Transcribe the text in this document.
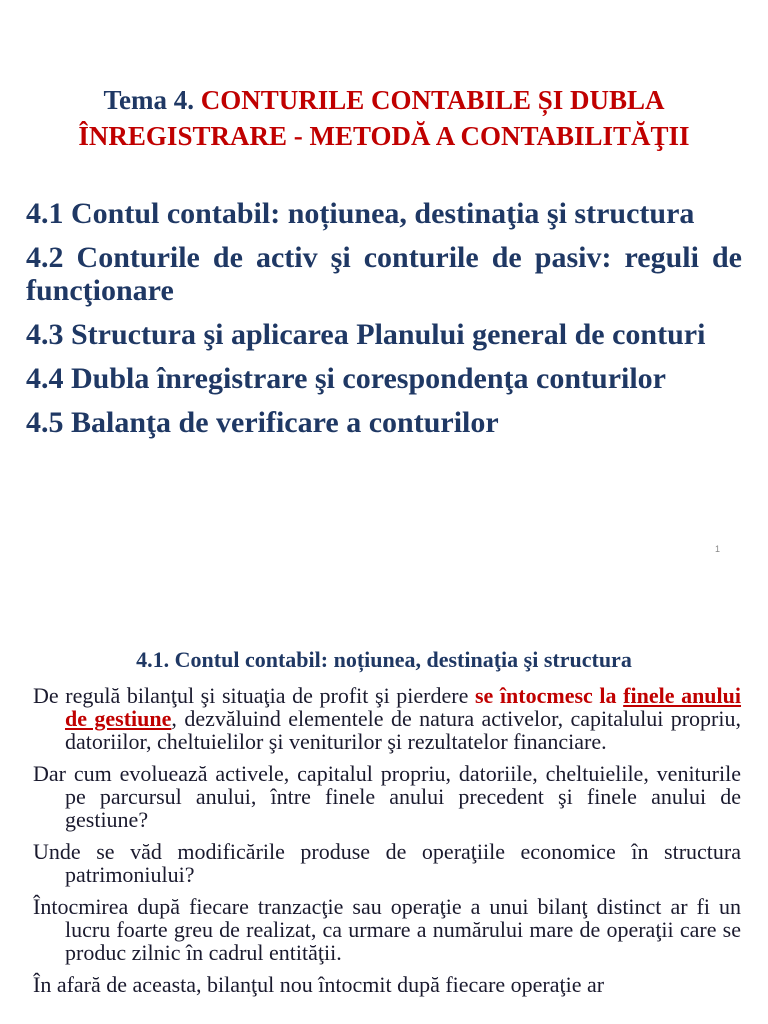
Tema 4. CONTURILE CONTABILE ȘI DUBLA ÎNREGISTRARE - METODĂ A CONTABILITĂŢII
4.1 Contul contabil: noțiunea, destinaţia şi structura
4.2 Conturile de activ şi conturile de pasiv: reguli de funcţionare
4.3 Structura şi aplicarea Planului general de conturi
4.4 Dubla înregistrare şi corespondenţa conturilor
4.5 Balanţa de verificare a conturilor
1
4.1. Contul contabil: noțiunea, destinaţia şi structura

De regulă bilanţul şi situaţia de profit şi pierdere se întocmesc la finele anului de gestiune, dezvăluind elementele de natura activelor, capitalului propriu, datoriilor, cheltuielilor şi veniturilor şi rezultatelor financiare.

Dar cum evoluează activele, capitalul propriu, datoriile, cheltuielile, veniturile pe parcursul anului, între finele anului precedent şi finele anului de gestiune?

Unde se văd modificările produse de operaţiile economice în structura patrimoniului?

Întocmirea după fiecare tranzacţie sau operaţie a unui bilanţ distinct ar fi un lucru foarte greu de realizat, ca urmare a numărului mare de operaţii care se produc zilnic în cadrul entităţii.

În afară de aceasta, bilanţul nou întocmit după fiecare operaţie ar
